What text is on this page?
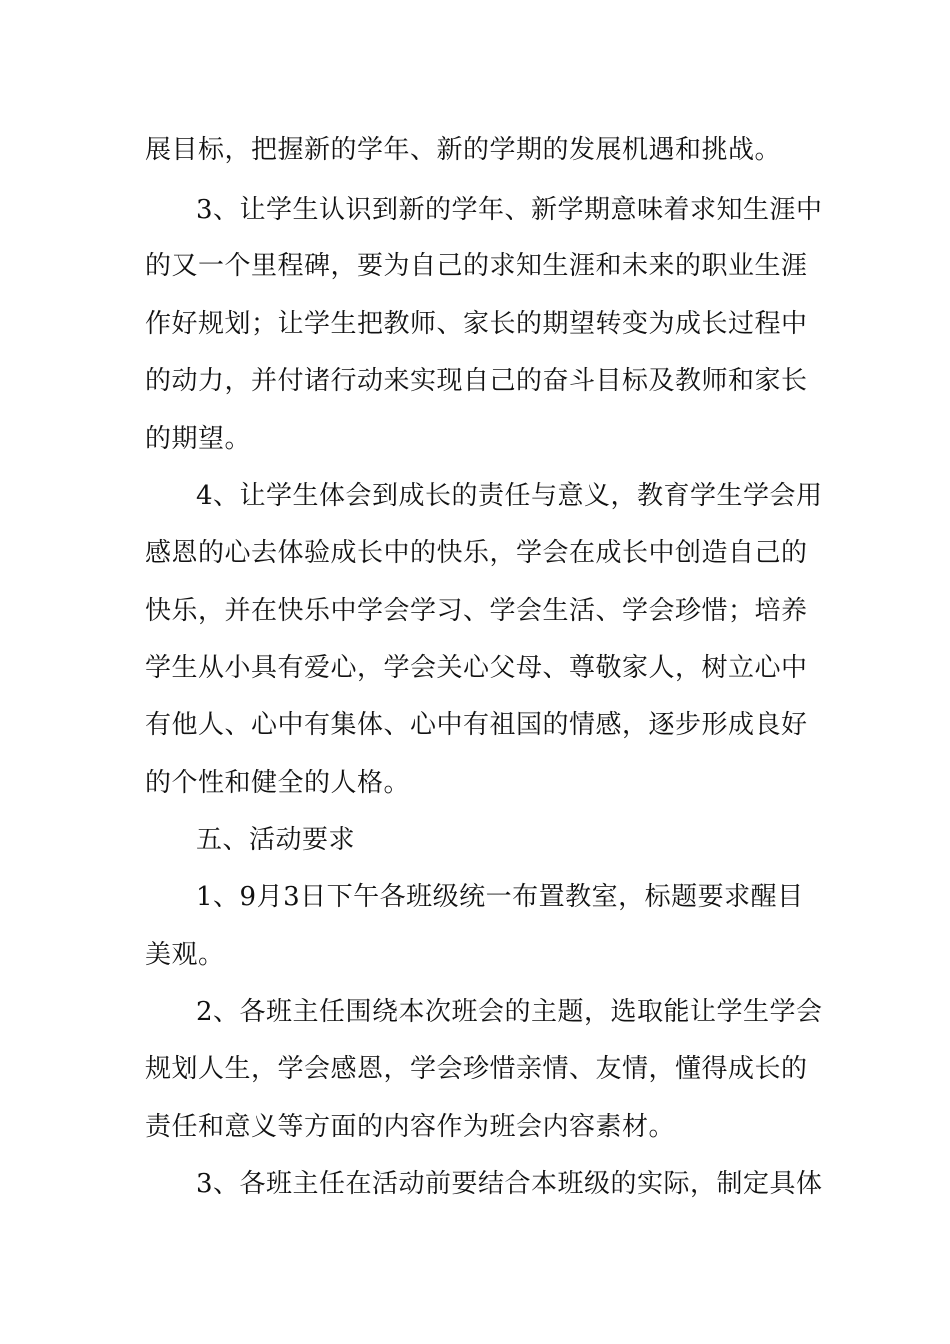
展目标，把握新的学年、新的学期的发展机遇和挑战。
3、让学生认识到新的学年、新学期意味着求知生涯中
的又一个里程碑，要为自己的求知生涯和未来的职业生涯
作好规划；让学生把教师、家长的期望转变为成长过程中
的动力，并付诸行动来实现自己的奋斗目标及教师和家长
的期望。
4、让学生体会到成长的责任与意义，教育学生学会用
感恩的心去体验成长中的快乐，学会在成长中创造自己的
快乐，并在快乐中学会学习、学会生活、学会珍惜；培养
学生从小具有爱心，学会关心父母、尊敬家人，树立心中
有他人、心中有集体、心中有祖国的情感，逐步形成良好
的个性和健全的人格。
五、活动要求
1、9月3日下午各班级统一布置教室，标题要求醒目
美观。
2、各班主任围绕本次班会的主题，选取能让学生学会
规划人生，学会感恩，学会珍惜亲情、友情，懂得成长的
责任和意义等方面的内容作为班会内容素材。
3、各班主任在活动前要结合本班级的实际，制定具体
